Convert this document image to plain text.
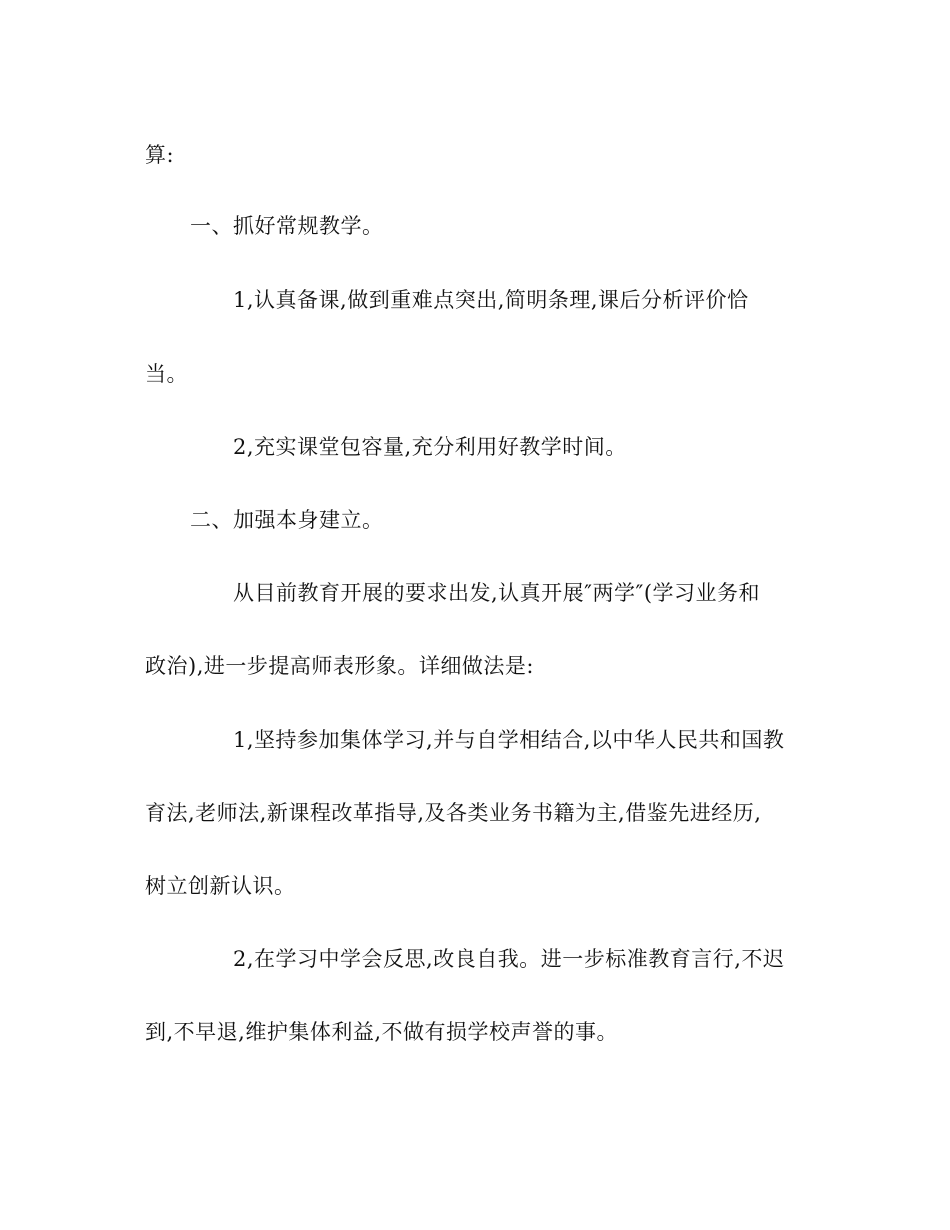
算:
一、抓好常规教学。
1,认真备课,做到重难点突出,简明条理,课后分析评价恰
当。
2,充实课堂包容量,充分利用好教学时间。
二、加强本身建立。
从目前教育开展的要求出发,认真开展″两学″(学习业务和
政治),进一步提高师表形象。详细做法是:
1,坚持参加集体学习,并与自学相结合,以中华人民共和国教
育法,老师法,新课程改革指导,及各类业务书籍为主,借鉴先进经历,
树立创新认识。
2,在学习中学会反思,改良自我。进一步标准教育言行,不迟
到,不早退,维护集体利益,不做有损学校声誉的事。
